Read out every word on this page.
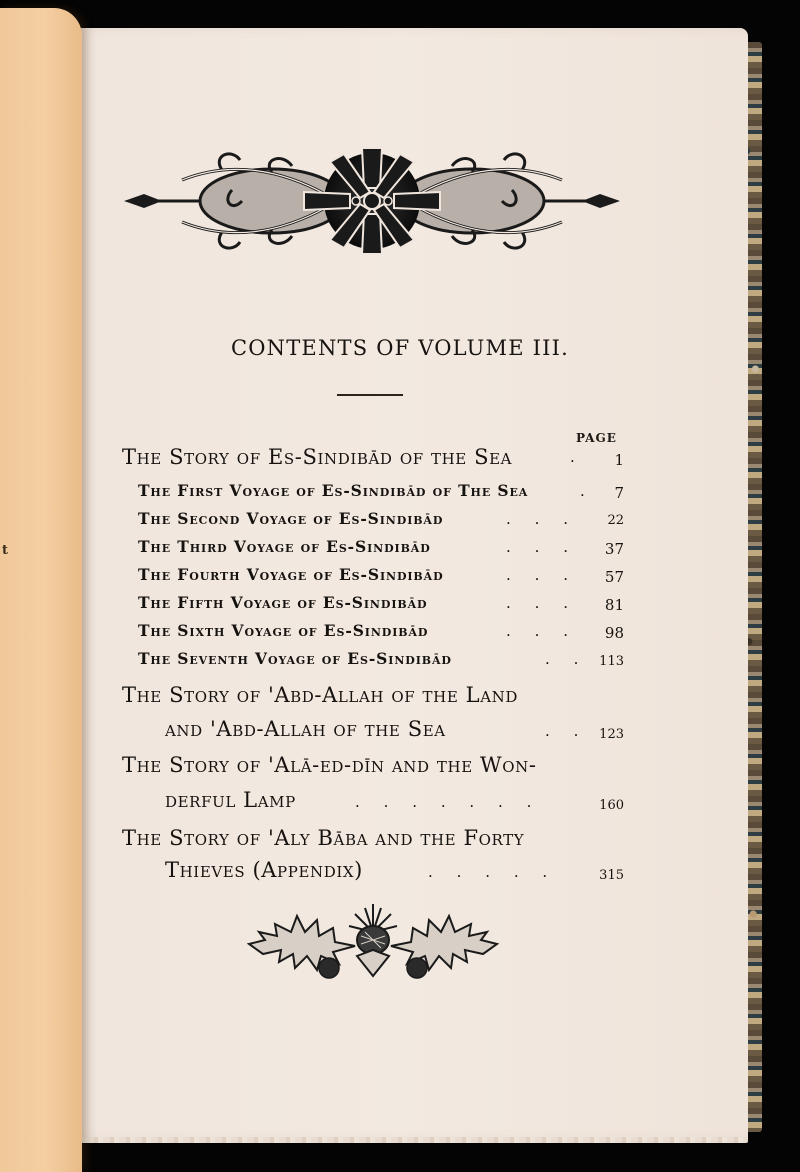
t
CONTENTS OF VOLUME III.
PAGE
The Story of Es-Sindibād of the Sea	.	1
The First Voyage of Es-Sindibād of The Sea	.	7
The Second Voyage of Es-Sindibād	.     .     .	22
The Third Voyage of Es-Sindibād	.     .     .	37
The Fourth Voyage of Es-Sindibād	.     .     .	57
The Fifth Voyage of Es-Sindibād	.     .     .	81
The Sixth Voyage of Es-Sindibād	.     .     .	98
The Seventh Voyage of Es-Sindibād	.     .	113
The Story of 'Abd-Allah of the Land
and 'Abd-Allah of the Sea	.     .	123
The Story of 'Alā-ed-dīn and the Won-
derful Lamp	.     .     .     .     .     .     .	160
The Story of 'Aly Bāba and the Forty
Thieves (Appendix)	.     .     .     .     .	315
